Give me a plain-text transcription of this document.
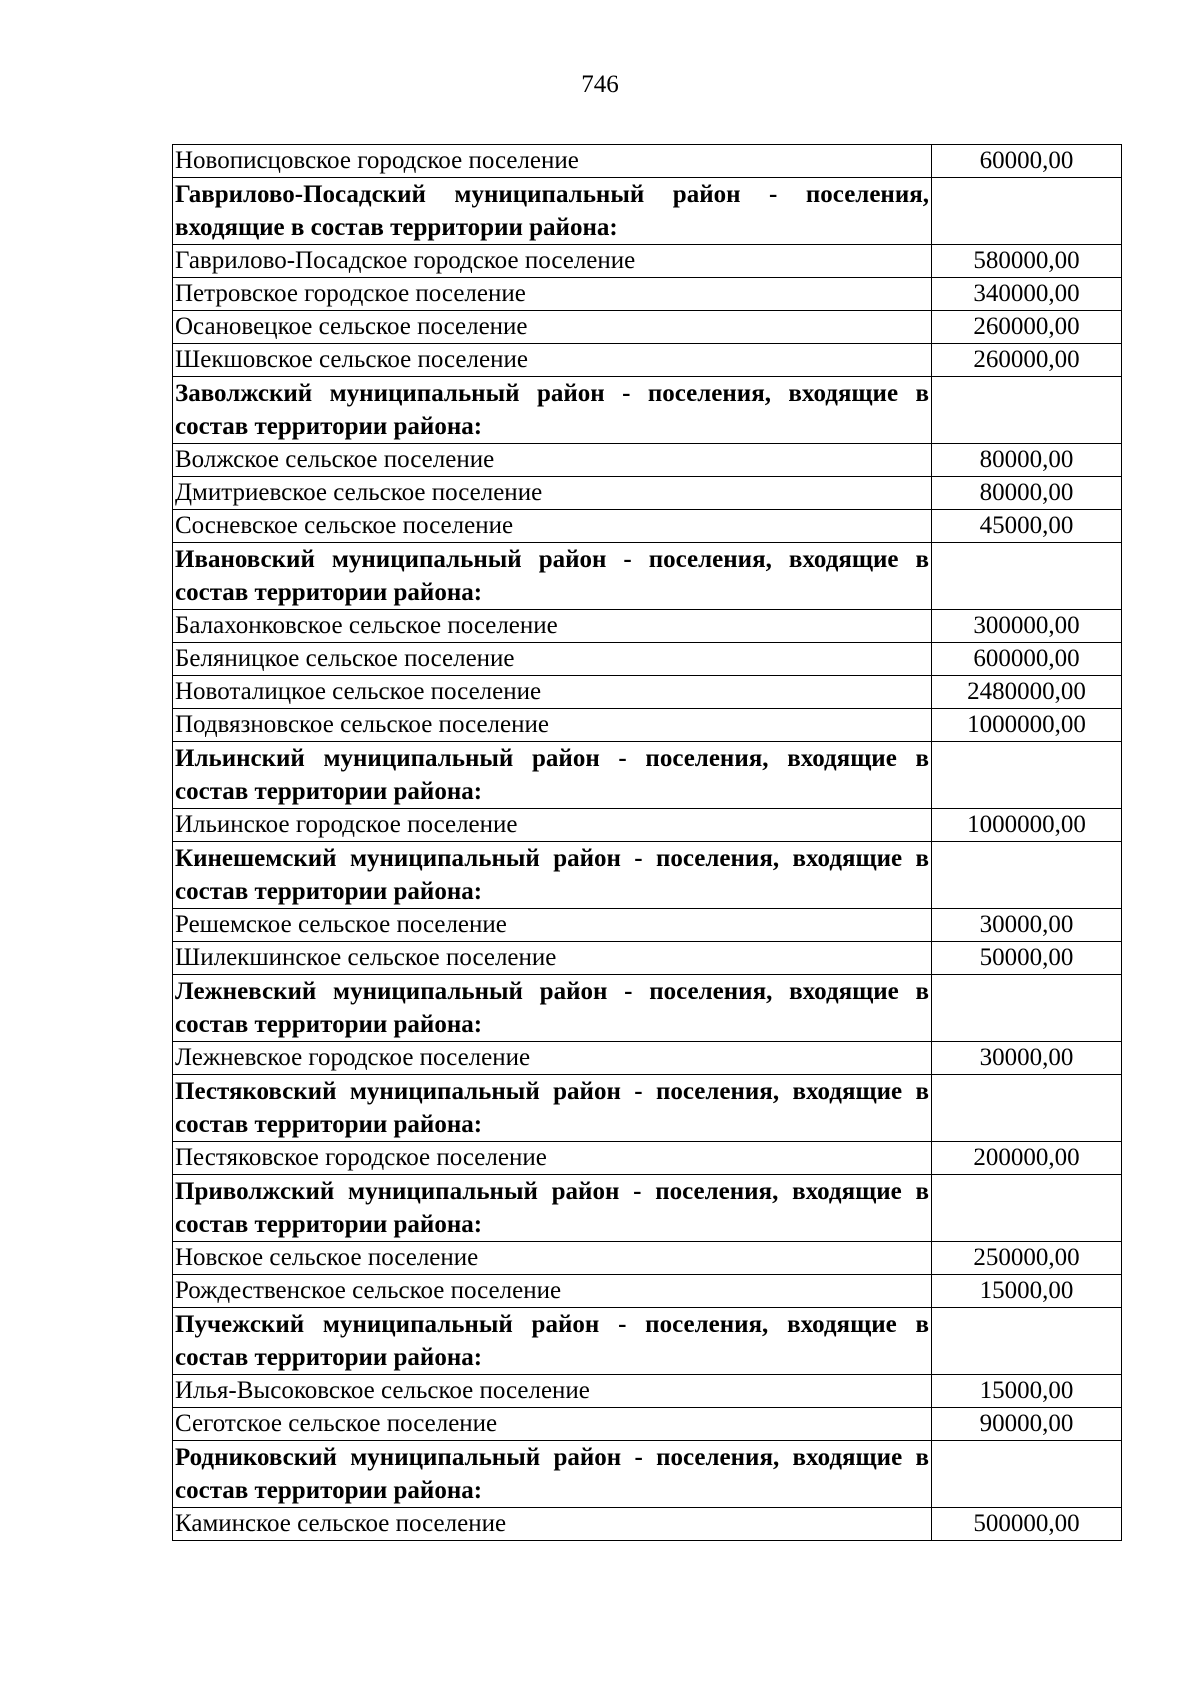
746
Новописцовское городское поселение	60000,00
Гаврилово-Посадский муниципальный район - поселения, входящие в состав территории района:	
Гаврилово-Посадское городское поселение	580000,00
Петровское городское поселение	340000,00
Осановецкое сельское поселение	260000,00
Шекшовское сельское поселение	260000,00
Заволжский муниципальный район - поселения, входящие в состав территории района:	
Волжское сельское поселение	80000,00
Дмитриевское сельское поселение	80000,00
Сосневское сельское поселение	45000,00
Ивановский муниципальный район - поселения, входящие в состав территории района:	
Балахонковское сельское поселение	300000,00
Беляницкое сельское поселение	600000,00
Новоталицкое сельское поселение	2480000,00
Подвязновское сельское поселение	1000000,00
Ильинский муниципальный район - поселения, входящие в состав территории района:	
Ильинское городское поселение	1000000,00
Кинешемский муниципальный район - поселения, входящие в состав территории района:	
Решемское сельское поселение	30000,00
Шилекшинское сельское поселение	50000,00
Лежневский муниципальный район - поселения, входящие в состав территории района:	
Лежневское городское поселение	30000,00
Пестяковский муниципальный район - поселения, входящие в состав территории района:	
Пестяковское городское поселение	200000,00
Приволжский муниципальный район - поселения, входящие в состав территории района:	
Новское сельское поселение	250000,00
Рождественское сельское поселение	15000,00
Пучежский муниципальный район - поселения, входящие в состав территории района:	
Илья-Высоковское сельское поселение	15000,00
Сеготское сельское поселение	90000,00
Родниковский муниципальный район - поселения, входящие в состав территории района:	
Каминское сельское поселение	500000,00
